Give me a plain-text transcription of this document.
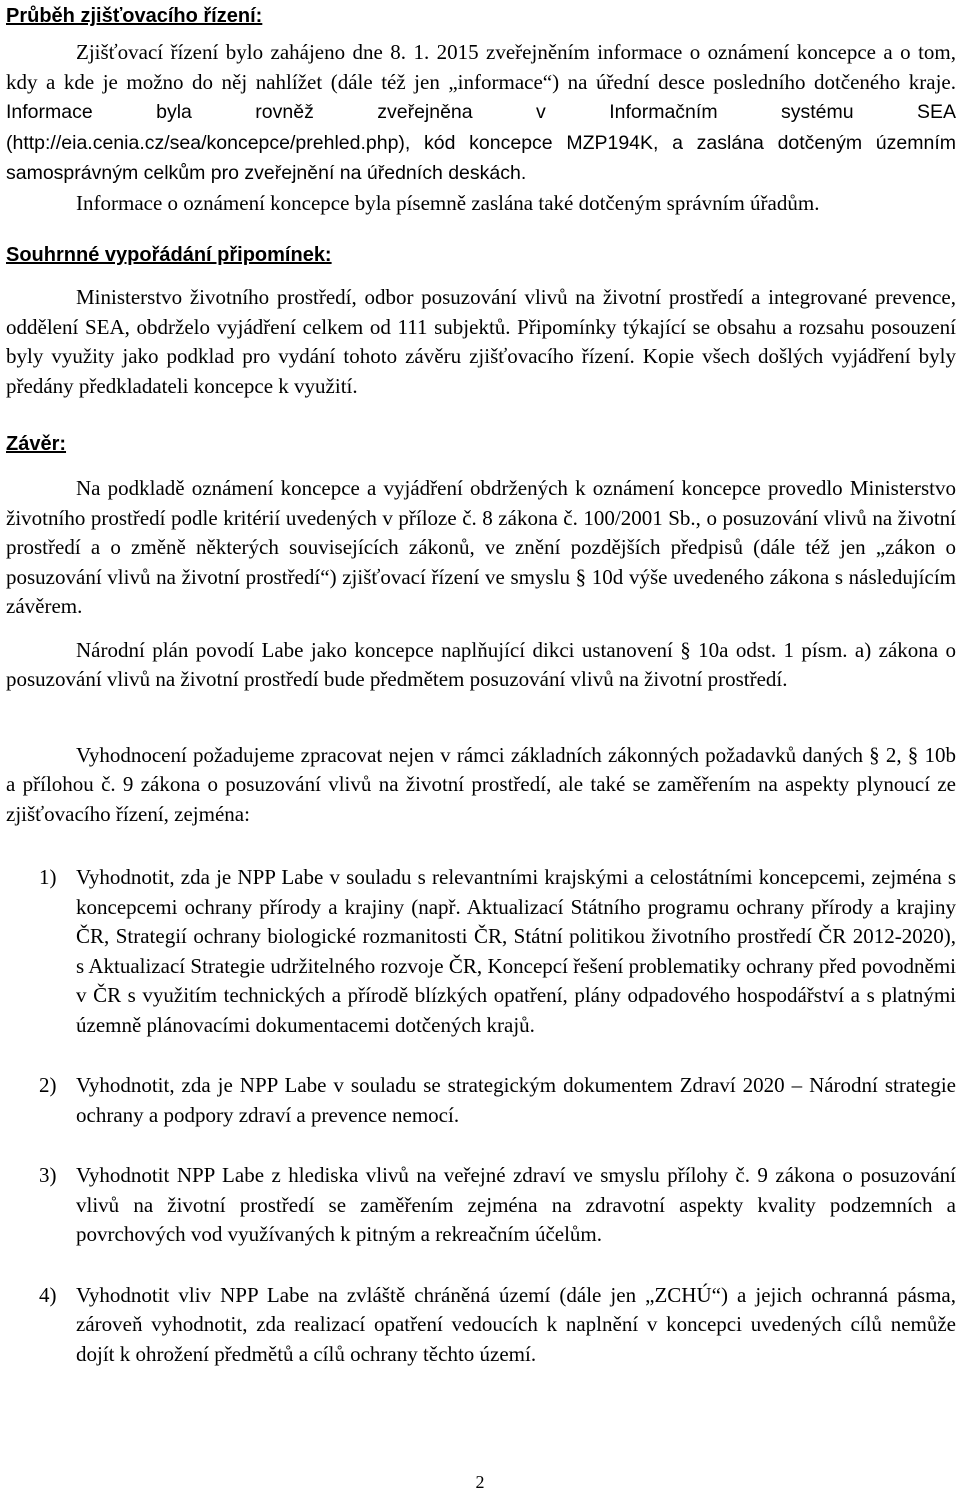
Průběh zjišťovacího řízení:

Zjišťovací řízení bylo zahájeno dne 8. 1. 2015 zveřejněním informace o oznámení koncepce a o tom, kdy a kde je možno do něj nahlížet (dále též jen „informace“) na úřední desce posledního dotčeného kraje. Informace byla rovněž zveřejněna v Informačním systému SEA (http://eia.cenia.cz/sea/koncepce/prehled.php), kód koncepce MZP194K, a zaslána dotčeným územním samosprávným celkům pro zveřejnění na úředních deskách.

Informace o oznámení koncepce byla písemně zaslána také dotčeným správním úřadům.

Souhrnné vypořádání připomínek:

Ministerstvo životního prostředí, odbor posuzování vlivů na životní prostředí a integrované prevence, oddělení SEA, obdrželo vyjádření celkem od 111 subjektů. Připomínky týkající se obsahu a rozsahu posouzení byly využity jako podklad pro vydání tohoto závěru zjišťovacího řízení. Kopie všech došlých vyjádření byly předány předkladateli koncepce k využití.

Závěr:

Na podkladě oznámení koncepce a vyjádření obdržených k oznámení koncepce provedlo Ministerstvo životního prostředí podle kritérií uvedených v příloze č. 8 zákona č. 100/2001 Sb., o posuzování vlivů na životní prostředí a o změně některých souvisejících zákonů, ve znění pozdějších předpisů (dále též jen „zákon o posuzování vlivů na životní prostředí“) zjišťovací řízení ve smyslu § 10d výše uvedeného zákona s následujícím závěrem.

Národní plán povodí Labe jako koncepce naplňující dikci ustanovení § 10a odst. 1 písm. a) zákona o posuzování vlivů na životní prostředí bude předmětem posuzování vlivů na životní prostředí.

Vyhodnocení požadujeme zpracovat nejen v rámci základních zákonných požadavků daných § 2, § 10b a přílohou č. 9 zákona o posuzování vlivů na životní prostředí, ale také se zaměřením na aspekty plynoucí ze zjišťovacího řízení, zejména:

1) Vyhodnotit, zda je NPP Labe v souladu s relevantními krajskými a celostátními koncepcemi, zejména s koncepcemi ochrany přírody a krajiny (např. Aktualizací Státního programu ochrany přírody a krajiny ČR, Strategií ochrany biologické rozmanitosti ČR, Státní politikou životního prostředí ČR 2012-2020), s Aktualizací Strategie udržitelného rozvoje ČR, Koncepcí řešení problematiky ochrany před povodněmi v ČR s využitím technických a přírodě blízkých opatření, plány odpadového hospodářství a s platnými územně plánovacími dokumentacemi dotčených krajů.
2) Vyhodnotit, zda je NPP Labe v souladu se strategickým dokumentem Zdraví 2020 – Národní strategie ochrany a podpory zdraví a prevence nemocí.
3) Vyhodnotit NPP Labe z hlediska vlivů na veřejné zdraví ve smyslu přílohy č. 9 zákona o posuzování vlivů na životní prostředí se zaměřením zejména na zdravotní aspekty kvality podzemních a povrchových vod využívaných k pitným a rekreačním účelům.
4) Vyhodnotit vliv NPP Labe na zvláště chráněná území (dále jen „ZCHÚ“) a jejich ochranná pásma, zároveň vyhodnotit, zda realizací opatření vedoucích k naplnění v koncepci uvedených cílů nemůže dojít k ohrožení předmětů a cílů ochrany těchto území.
2
